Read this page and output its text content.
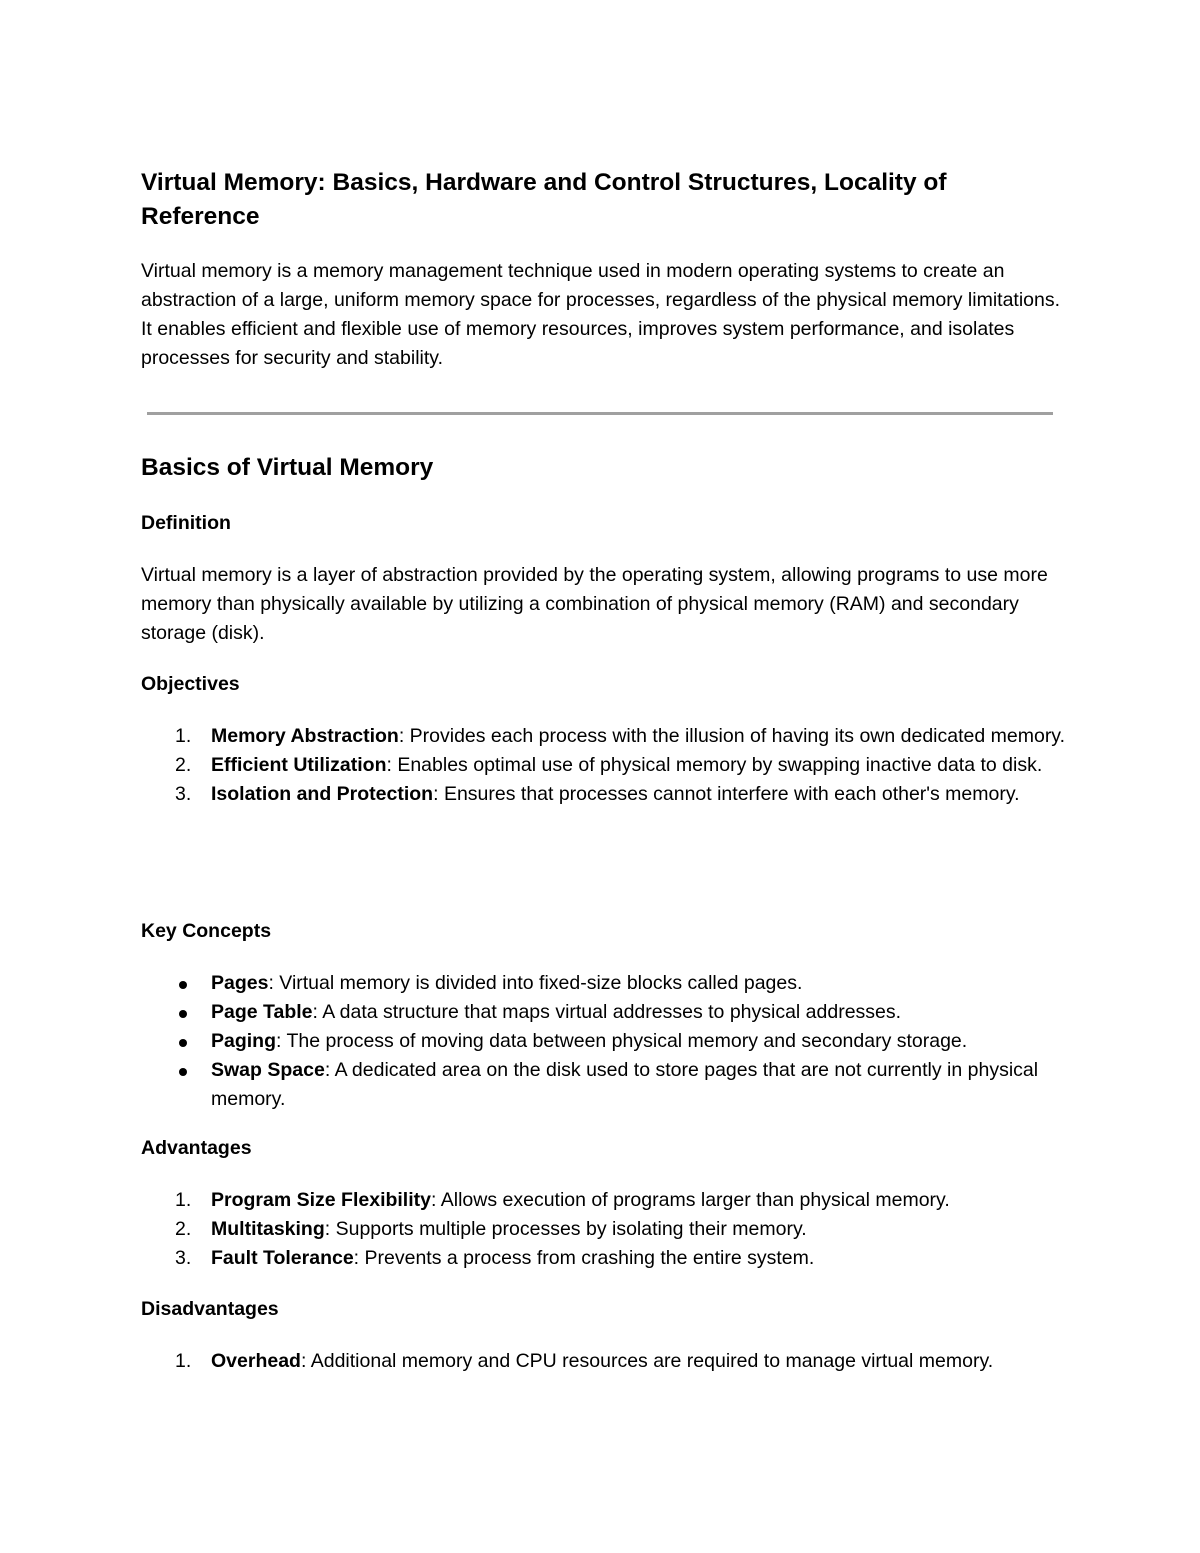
Virtual Memory: Basics, Hardware and Control Structures, Locality of Reference

Virtual memory is a memory management technique used in modern operating systems to create an abstraction of a large, uniform memory space for processes, regardless of the physical memory limitations. It enables efficient and flexible use of memory resources, improves system performance, and isolates processes for security and stability.

Basics of Virtual Memory
Definition

Virtual memory is a layer of abstraction provided by the operating system, allowing programs to use more memory than physically available by utilizing a combination of physical memory (RAM) and secondary storage (disk).

Objectives
1. Memory Abstraction: Provides each process with the illusion of having its own dedicated memory.
2. Efficient Utilization: Enables optimal use of physical memory by swapping inactive data to disk.
3. Isolation and Protection: Ensures that processes cannot interfere with each other's memory.
Key Concepts
Pages: Virtual memory is divided into fixed-size blocks called pages.
Page Table: A data structure that maps virtual addresses to physical addresses.
Paging: The process of moving data between physical memory and secondary storage.
Swap Space: A dedicated area on the disk used to store pages that are not currently in physical memory.
Advantages
1. Program Size Flexibility: Allows execution of programs larger than physical memory.
2. Multitasking: Supports multiple processes by isolating their memory.
3. Fault Tolerance: Prevents a process from crashing the entire system.
Disadvantages
1. Overhead: Additional memory and CPU resources are required to manage virtual memory.
